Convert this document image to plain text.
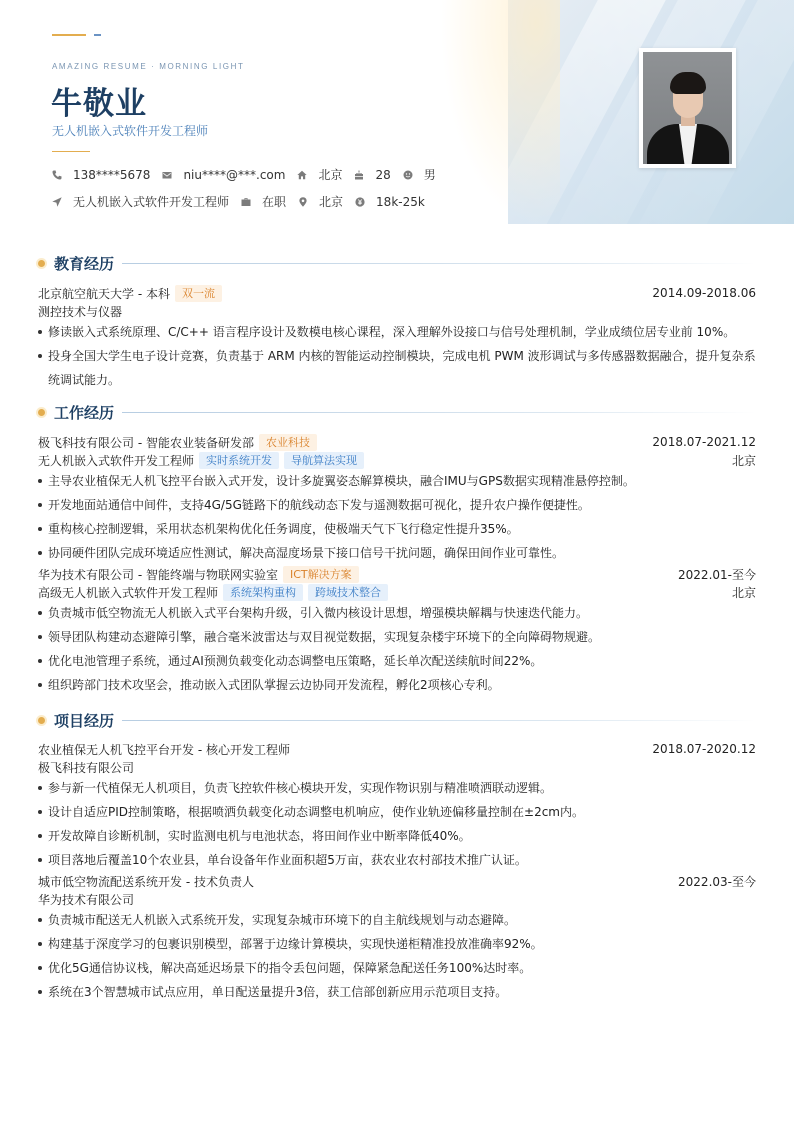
AMAZING RESUME · MORNING LIGHT
牛敬业
无人机嵌入式软件开发工程师
138****5678	niu****@***.com	北京	28	男
无人机嵌入式软件开发工程师	在职	北京	18k-25k
教育经历
北京航空航天大学 - 本科	双一流	2014.09-2018.06
测控技术与仪器
修读嵌入式系统原理、C/C++ 语言程序设计及数模电核心课程，深入理解外设接口与信号处理机制，学业成绩位居专业前 10%。
投身全国大学生电子设计竞赛，负责基于 ARM 内核的智能运动控制模块，完成电机 PWM 波形调试与多传感器数据融合，提升复杂系统调试能力。
工作经历
极飞科技有限公司 - 智能农业装备研发部	农业科技	2018.07-2021.12
无人机嵌入式软件开发工程师	实时系统开发	导航算法实现	北京
主导农业植保无人机飞控平台嵌入式开发，设计多旋翼姿态解算模块，融合IMU与GPS数据实现精准悬停控制。
开发地面站通信中间件，支持4G/5G链路下的航线动态下发与遥测数据可视化，提升农户操作便捷性。
重构核心控制逻辑，采用状态机架构优化任务调度，使极端天气下飞行稳定性提升35%。
协同硬件团队完成环境适应性测试，解决高湿度场景下接口信号干扰问题，确保田间作业可靠性。
华为技术有限公司 - 智能终端与物联网实验室	ICT解决方案	2022.01-至今
高级无人机嵌入式软件开发工程师	系统架构重构	跨域技术整合	北京
负责城市低空物流无人机嵌入式平台架构升级，引入微内核设计思想，增强模块解耦与快速迭代能力。
领导团队构建动态避障引擎，融合毫米波雷达与双目视觉数据，实现复杂楼宇环境下的全向障碍物规避。
优化电池管理子系统，通过AI预测负载变化动态调整电压策略，延长单次配送续航时间22%。
组织跨部门技术攻坚会，推动嵌入式团队掌握云边协同开发流程，孵化2项核心专利。
项目经历
农业植保无人机飞控平台开发 - 核心开发工程师	2018.07-2020.12
极飞科技有限公司
参与新一代植保无人机项目，负责飞控软件核心模块开发，实现作物识别与精准喷洒联动逻辑。
设计自适应PID控制策略，根据喷洒负载变化动态调整电机响应，使作业轨迹偏移量控制在±2cm内。
开发故障自诊断机制，实时监测电机与电池状态，将田间作业中断率降低40%。
项目落地后覆盖10个农业县，单台设备年作业面积超5万亩，获农业农村部技术推广认证。
城市低空物流配送系统开发 - 技术负责人	2022.03-至今
华为技术有限公司
负责城市配送无人机嵌入式系统开发，实现复杂城市环境下的自主航线规划与动态避障。
构建基于深度学习的包裹识别模型，部署于边缘计算模块，实现快递柜精准投放准确率92%。
优化5G通信协议栈，解决高延迟场景下的指令丢包问题，保障紧急配送任务100%达时率。
系统在3个智慧城市试点应用，单日配送量提升3倍，获工信部创新应用示范项目支持。
